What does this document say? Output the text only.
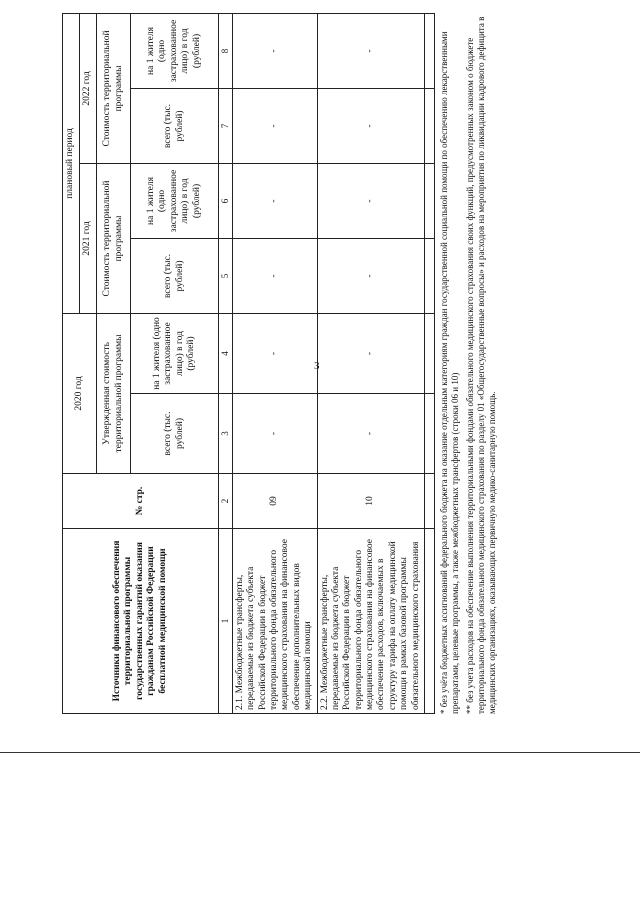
3
Источники финансового обеспечения территориальной программы государственных гарантий оказания гражданам Российской Федерации бесплатной медицинской помощи	№ стр.	2020 год		плановый период			
				2021 год		2022 год	
		Утвержденная стоимость территориальной программы		Стоимость территориальной программы		Стоимость территориальной программы	
		всего (тыс. рублей)	на 1 жителя (одно застрахованное лицо) в год (рублей)	всего (тыс. рублей)	на 1 жителя (одно застрахованное лицо) в год (рублей)	всего (тыс. рублей)	на 1 жителя (одно застрахованное лицо) в год (рублей)
1	2	3	4	5	6	7	8
2.1. Межбюджетные трансферты, передаваемые из бюджета субъекта Российской Федерации в бюджет территориального фонда обязательного медицинского страхования на финансовое обеспечение дополнительных видов медицинской помощи	09	-	-	-	-	-	-
2.2. Межбюджетные трансферты, передаваемые из бюджета субъекта Российской Федерации в бюджет территориального фонда обязательного медицинского страхования на финансовое обеспечение расходов, включаемых в структуру тарифа на оплату медицинской помощи в рамках базовой программы обязательного медицинского страхования	10	-	-	-	-	-	-
								* без учёта бюджетных ассигнований федерального бюджета на оказание отдельным категориям граждан государственной социальной помощи по обеспечению лекарственными препаратами, целевые программы, а также межбюджетных трансфертов (строки 06 и 10) ** без учета расходов на обеспечение выполнения территориальными фондами обязательного медицинского страхования своих функций, предусмотренных законом о бюджете территориального фонда обязательного медицинского страхования по разделу 01 «Общегосударственные вопросы» и расходов на мероприятия по ликвидации кадрового дефицита в медицинских организациях, оказывающих первичную медико-санитарную помощь.
